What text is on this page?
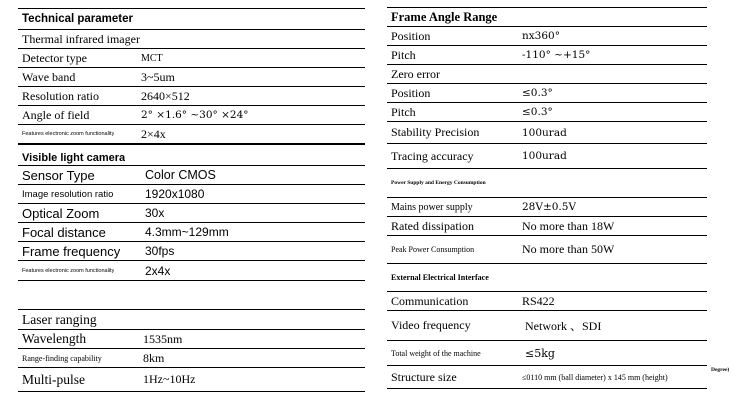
Technical parameter
Thermal infrared imager
Detector type	MCT
Wave band	3~5um
Resolution ratio	2640×512
Angle of field	2° ×1.6° ~30° ×24°
Features electronic zoom functionality 2×4x
Visible light camera
Sensor Type	Color CMOS
Image resolution ratio	1920x1080
Optical Zoom	30x
Focal distance	4.3mm~129mm
Frame frequency 30fps
Features electronic zoom functionality	2x4x
Laser ranging
Wavelength	1535nm
Range-finding capability	8km
Multi-pulse	1Hz~10Hz
Frame Angle Range
Position	nx360°
Pitch	-110° ~+15°
Zero error
Position	≤0.3°
Pitch	≤0.3°
Stability Precision	100urad
Tracing accuracy	100urad
Power Supply and Energy Consumption
Mains power supply	28V±0.5V
Rated dissipation	No more than 18W
Peak Power Consumption	No more than 50W
External Electrical Interface
Communication	RS422
Video frequency	Network 、SDI
Total weight of the machine	≤5kg
Structure size	≤0110 mm (ball diameter) x 145 mm (height)
Degree)
